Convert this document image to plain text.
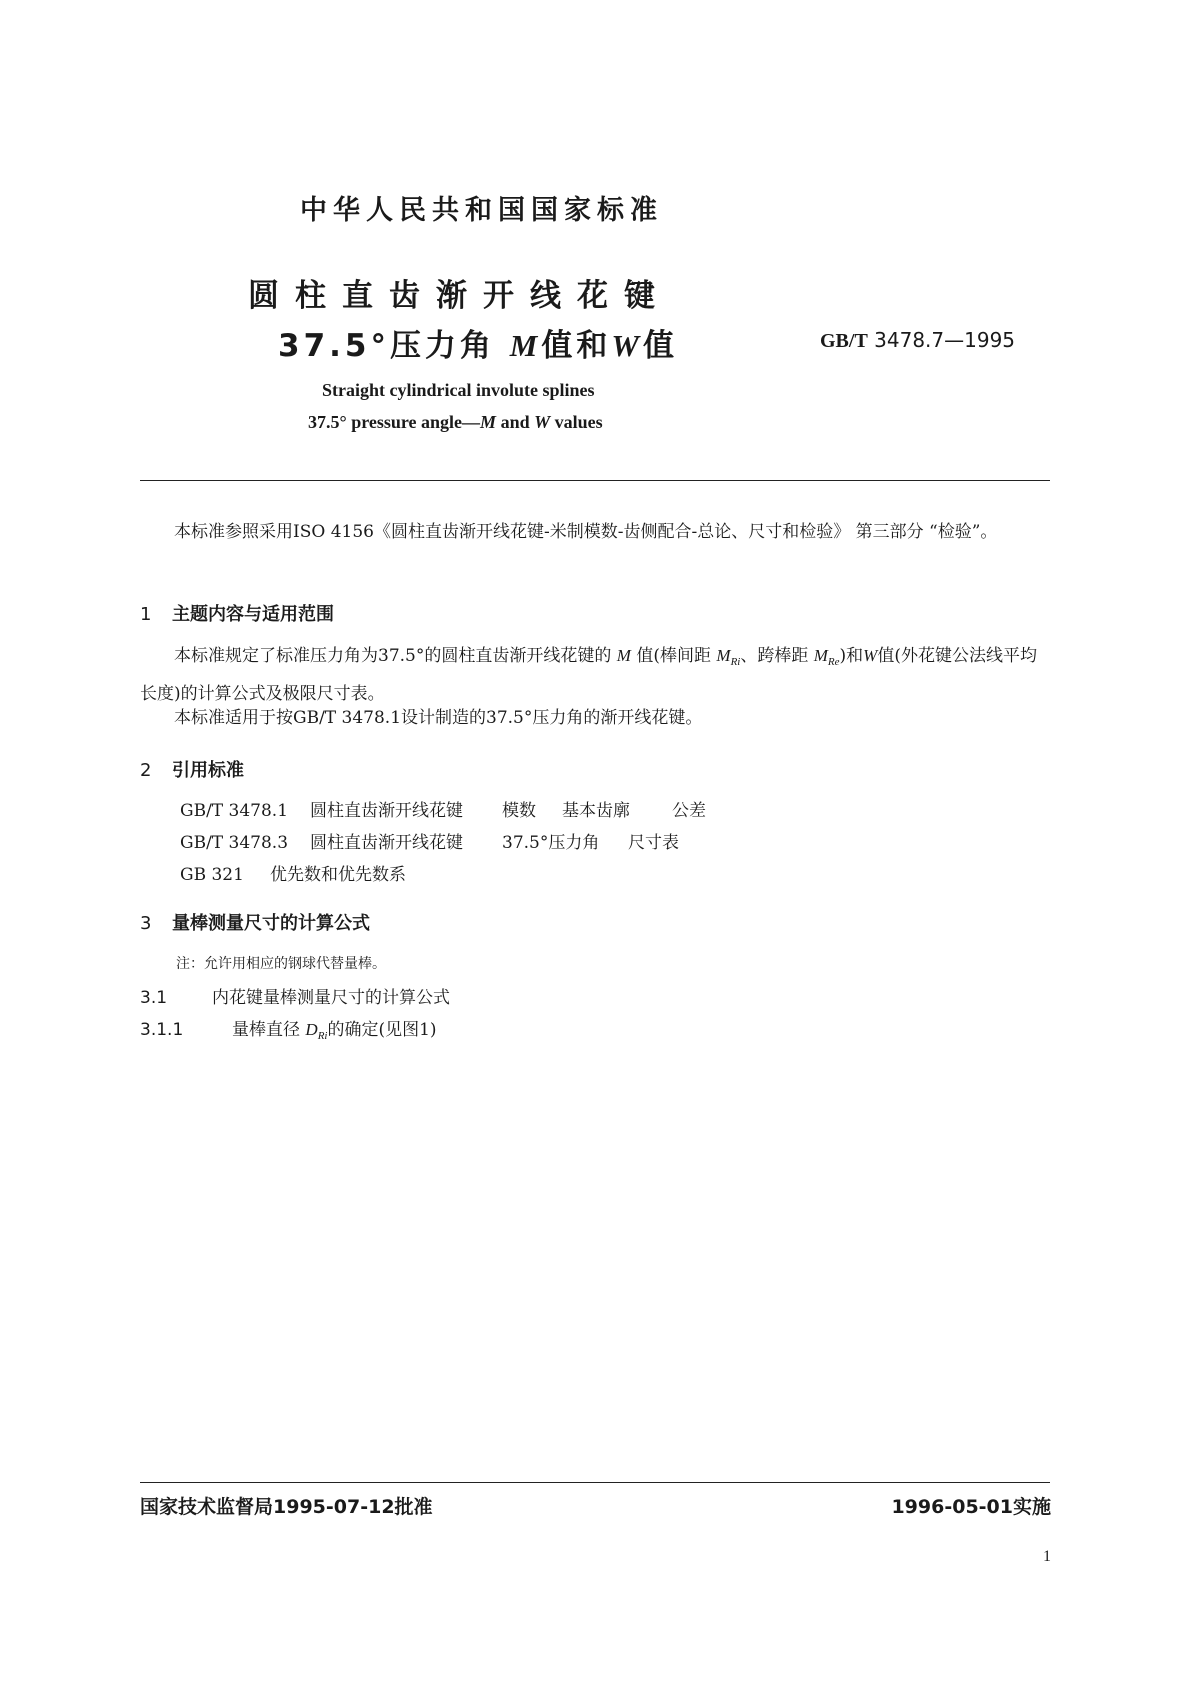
中华人民共和国国家标准
圆柱直齿渐开线花键
37.5°压力角 M值和W值	GB/T 3478.7—1995
Straight cylindrical involute splines
37.5° pressure angle—M and W values
本标准参照采用ISO 4156《圆柱直齿渐开线花键-米制模数-齿侧配合-总论、尺寸和检验》 第三部分 “检验”。
1 主题内容与适用范围
本标准规定了标准压力角为37.5°的圆柱直齿渐开线花键的 M 值(棒间距 $M_{Ri}$、跨棒距 $M_{Re}$)和W值(外花键公法线平均长度)的计算公式及极限尺寸表。
本标准适用于按GB/T 3478.1设计制造的37.5°压力角的渐开线花键。
2 引用标准
GB/T 3478.1 圆柱直齿渐开线花键 模数 基本齿廓 公差
GB/T 3478.3 圆柱直齿渐开线花键 37.5°压力角 尺寸表
GB 321 优先数和优先数系
3 量棒测量尺寸的计算公式
注：允许用相应的钢球代替量棒。
3.1	内花键量棒测量尺寸的计算公式
3.1.1	量棒直径 $D_{Ri}$的确定(见图1)
国家技术监督局1995-07-12批准	1996-05-01实施
1
